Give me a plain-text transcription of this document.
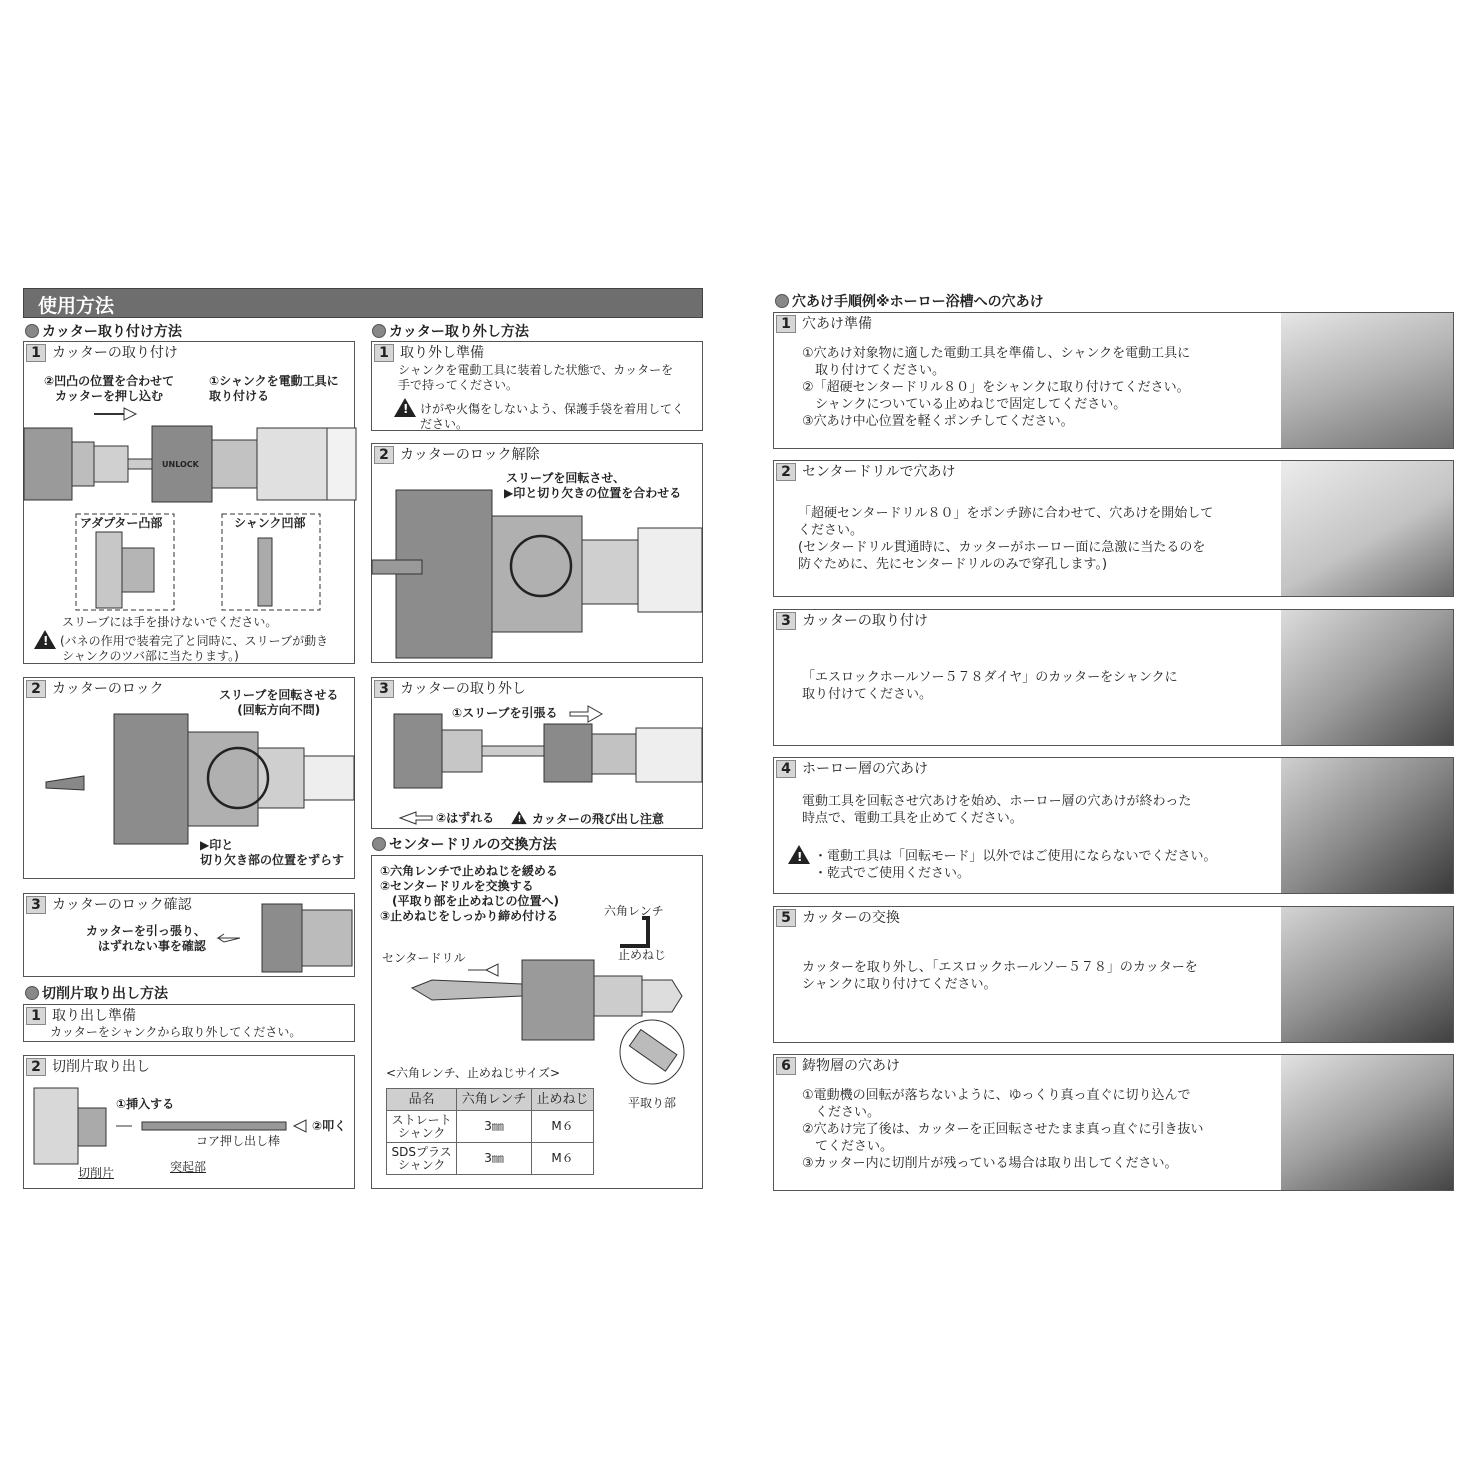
使用方法
カッター取り付け方法
1 カッターの取り付け
②凹凸の位置を合わせて
カッターを押し込む
①シャンクを電動工具に
取り付ける
アダプター凸部	シャンク凹部
UNLOCK
スリーブには手を掛けないでください。
!(バネの作用で装着完了と同時に、スリーブが動き
シャンクのツバ部に当たります。)
2 カッターのロック	スリーブを回転させる
(回転方向不問)
▶印と
切り欠き部の位置をずらす
3 カッターのロック確認
カッターを引っ張り、
はずれない事を確認
切削片取り出し方法
1 取り出し準備
カッターをシャンクから取り外してください。
2 切削片取り出し
①挿入する
②叩く
コア押し出し棒
突起部
切削片
カッター取り外し方法
1 取り外し準備
シャンクを電動工具に装着した状態で、カッターを
手で持ってください。
!けがや火傷をしないよう、保護手袋を着用してく
ださい。
2 カッターのロック解除
スリーブを回転させ、
▶印と切り欠きの位置を合わせる
3 カッターの取り外し
①スリーブを引張る
②はずれる !	カッターの飛び出し注意
センタードリルの交換方法
①六角レンチで止めねじを緩める
②センタードリルを交換する
(平取り部を止めねじの位置へ)
③止めねじをしっかり締め付ける	六角レンチ
止めねじ
センタードリル
平取り部
<六角レンチ、止めねじサイズ>
品名	六角レンチ	止めねじ
ストレート
シャンク	3㎜	M６
SDSプラス
シャンク	3㎜	M６
穴あけ手順例※ホーロー浴槽への穴あけ
1 穴あけ準備
①穴あけ対象物に適した電動工具を準備し、シャンクを電動工具に
　取り付けてください。
②「超硬センタードリル８０」をシャンクに取り付けてください。
　シャンクについている止めねじで固定してください。
③穴あけ中心位置を軽くポンチしてください。
2 センタードリルで穴あけ
「超硬センタードリル８０」をポンチ跡に合わせて、穴あけを開始して
ください。
(センタードリル貫通時に、カッターがホーロー面に急激に当たるのを
防ぐために、先にセンタードリルのみで穿孔します。)
3 カッターの取り付け
「エスロックホールソー５７８ダイヤ」のカッターをシャンクに
取り付けてください。
4 ホーロー層の穴あけ
電動工具を回転させ穴あけを始め、ホーロー層の穴あけが終わった
時点で、電動工具を止めてください。
!・電動工具は「回転モード」以外ではご使用にならないでください。
・乾式でご使用ください。
5 カッターの交換
カッターを取り外し、「エスロックホールソー５７８」のカッターを
シャンクに取り付けてください。
6 鋳物層の穴あけ
①電動機の回転が落ちないように、ゆっくり真っ直ぐに切り込んで
　ください。
②穴あけ完了後は、カッターを正回転させたまま真っ直ぐに引き抜い
　てください。
③カッター内に切削片が残っている場合は取り出してください。
